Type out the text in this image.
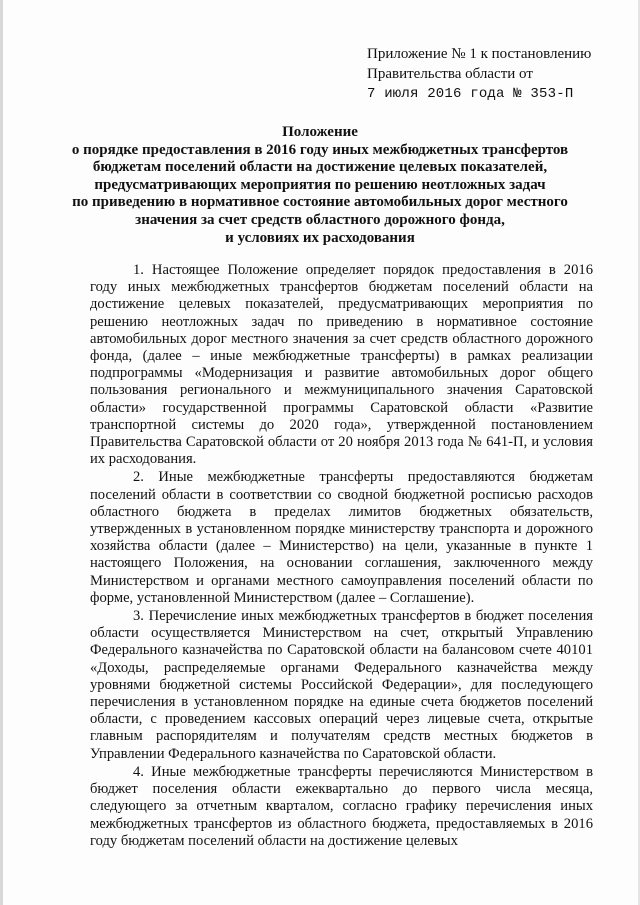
Приложение № 1 к постановлению
Правительства области от
7 июля 2016 года № 353-П
Положение
о порядке предоставления в 2016 году иных межбюджетных трансфертов
бюджетам поселений области на достижение целевых показателей,
предусматривающих мероприятия по решению неотложных задач
по приведению в нормативное состояние автомобильных дорог местного
значения за счет средств областного дорожного фонда,
и условиях их расходования

1. Настоящее Положение определяет порядок предоставления в 2016 году иных межбюджетных трансфертов бюджетам поселений области на достижение целевых показателей, предусматривающих мероприятия по решению неотложных задач по приведению в нормативное состояние автомобильных дорог местного значения за счет средств областного дорожного фонда, (далее – иные межбюджетные трансферты) в рамках реализации подпрограммы «Модернизация и развитие автомобильных дорог общего пользования регионального и межмуниципального значения Саратовской области» государственной программы Саратовской области «Развитие транспортной системы до 2020 года», утвержденной постановлением Правительства Саратовской области от 20 ноября 2013 года № 641-П, и условия их расходования.

2. Иные межбюджетные трансферты предоставляются бюджетам поселений области в соответствии со сводной бюджетной росписью расходов областного бюджета в пределах лимитов бюджетных обязательств, утвержденных в установленном порядке министерству транспорта и дорожного хозяйства области (далее – Министерство) на цели, указанные в пункте 1 настоящего Положения, на основании соглашения, заключенного между Министерством и органами местного самоуправления поселений области по форме, установленной Министерством (далее – Соглашение).

3. Перечисление иных межбюджетных трансфертов в бюджет поселения области осуществляется Министерством на счет, открытый Управлению Федерального казначейства по Саратовской области на балансовом счете 40101 «Доходы, распределяемые органами Федерального казначейства между уровнями бюджетной системы Российской Федерации», для последующего перечисления в установленном порядке на единые счета бюджетов поселений области, с проведением кассовых операций через лицевые счета, открытые главным распорядителям и получателям средств местных бюджетов в Управлении Федерального казначейства по Саратовской области.

4. Иные межбюджетные трансферты перечисляются Министерством в бюджет поселения области ежеквартально до первого числа месяца, следующего за отчетным кварталом, согласно графику перечисления иных межбюджетных трансфертов из областного бюджета, предоставляемых в 2016 году бюджетам поселений области на достижение целевых
